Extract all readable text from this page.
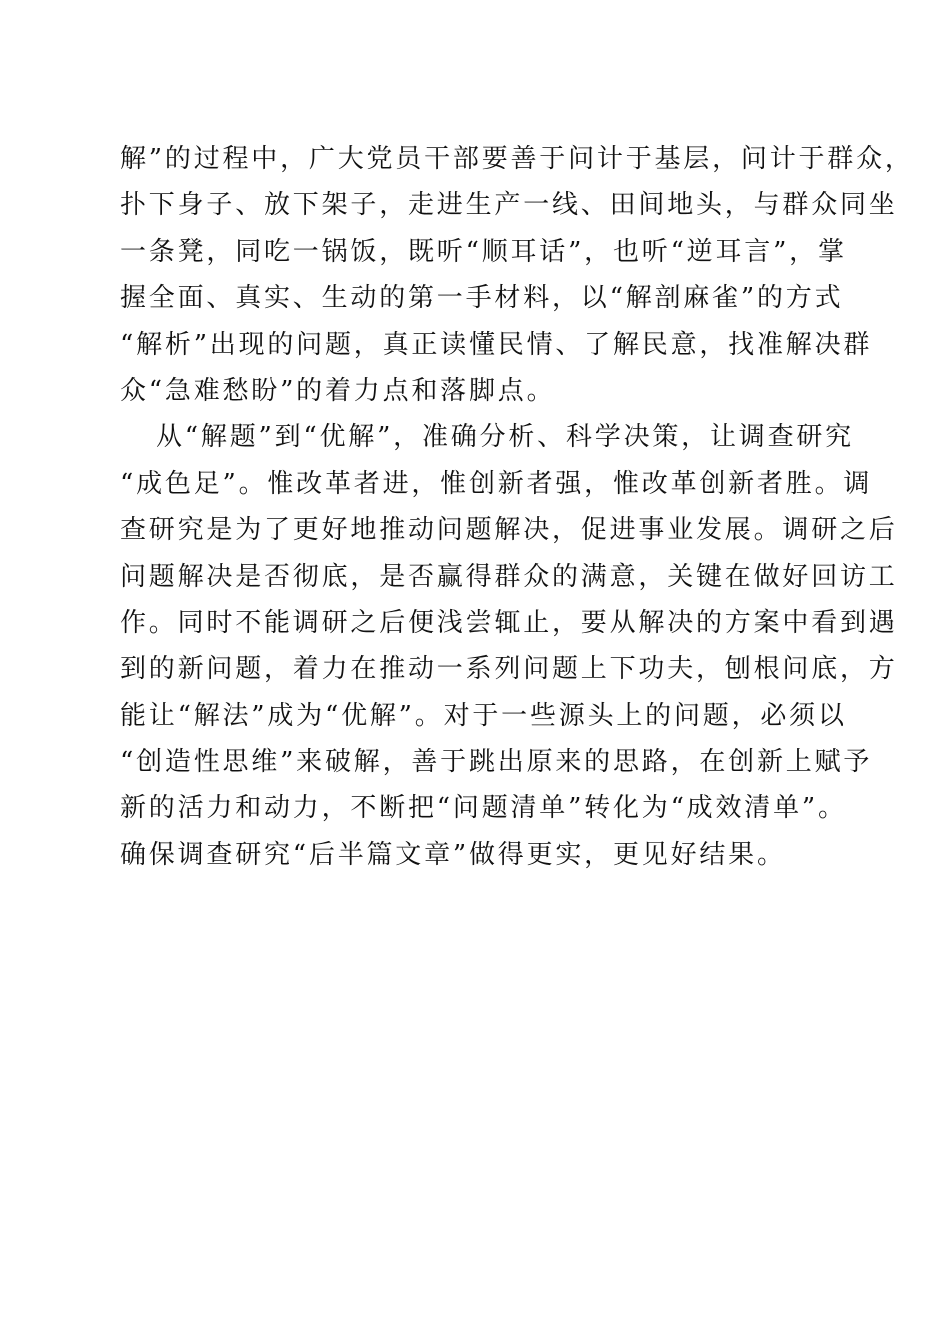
解”的过程中，广大党员干部要善于问计于基层，问计于群众，
扑下身子、放下架子，走进生产一线、田间地头，与群众同坐
一条凳，同吃一锅饭，既听“顺耳话”，也听“逆耳言”，掌
握全面、真实、生动的第一手材料，以“解剖麻雀”的方式
“解析”出现的问题，真正读懂民情、了解民意，找准解决群
众“急难愁盼”的着力点和落脚点。
从“解题”到“优解”，准确分析、科学决策，让调查研究
“成色足”。惟改革者进，惟创新者强，惟改革创新者胜。调
查研究是为了更好地推动问题解决，促进事业发展。调研之后
问题解决是否彻底，是否赢得群众的满意，关键在做好回访工
作。同时不能调研之后便浅尝辄止，要从解决的方案中看到遇
到的新问题，着力在推动一系列问题上下功夫，刨根问底，方
能让“解法”成为“优解”。对于一些源头上的问题，必须以
“创造性思维”来破解，善于跳出原来的思路，在创新上赋予
新的活力和动力，不断把“问题清单”转化为“成效清单”。
确保调查研究“后半篇文章”做得更实，更见好结果。
